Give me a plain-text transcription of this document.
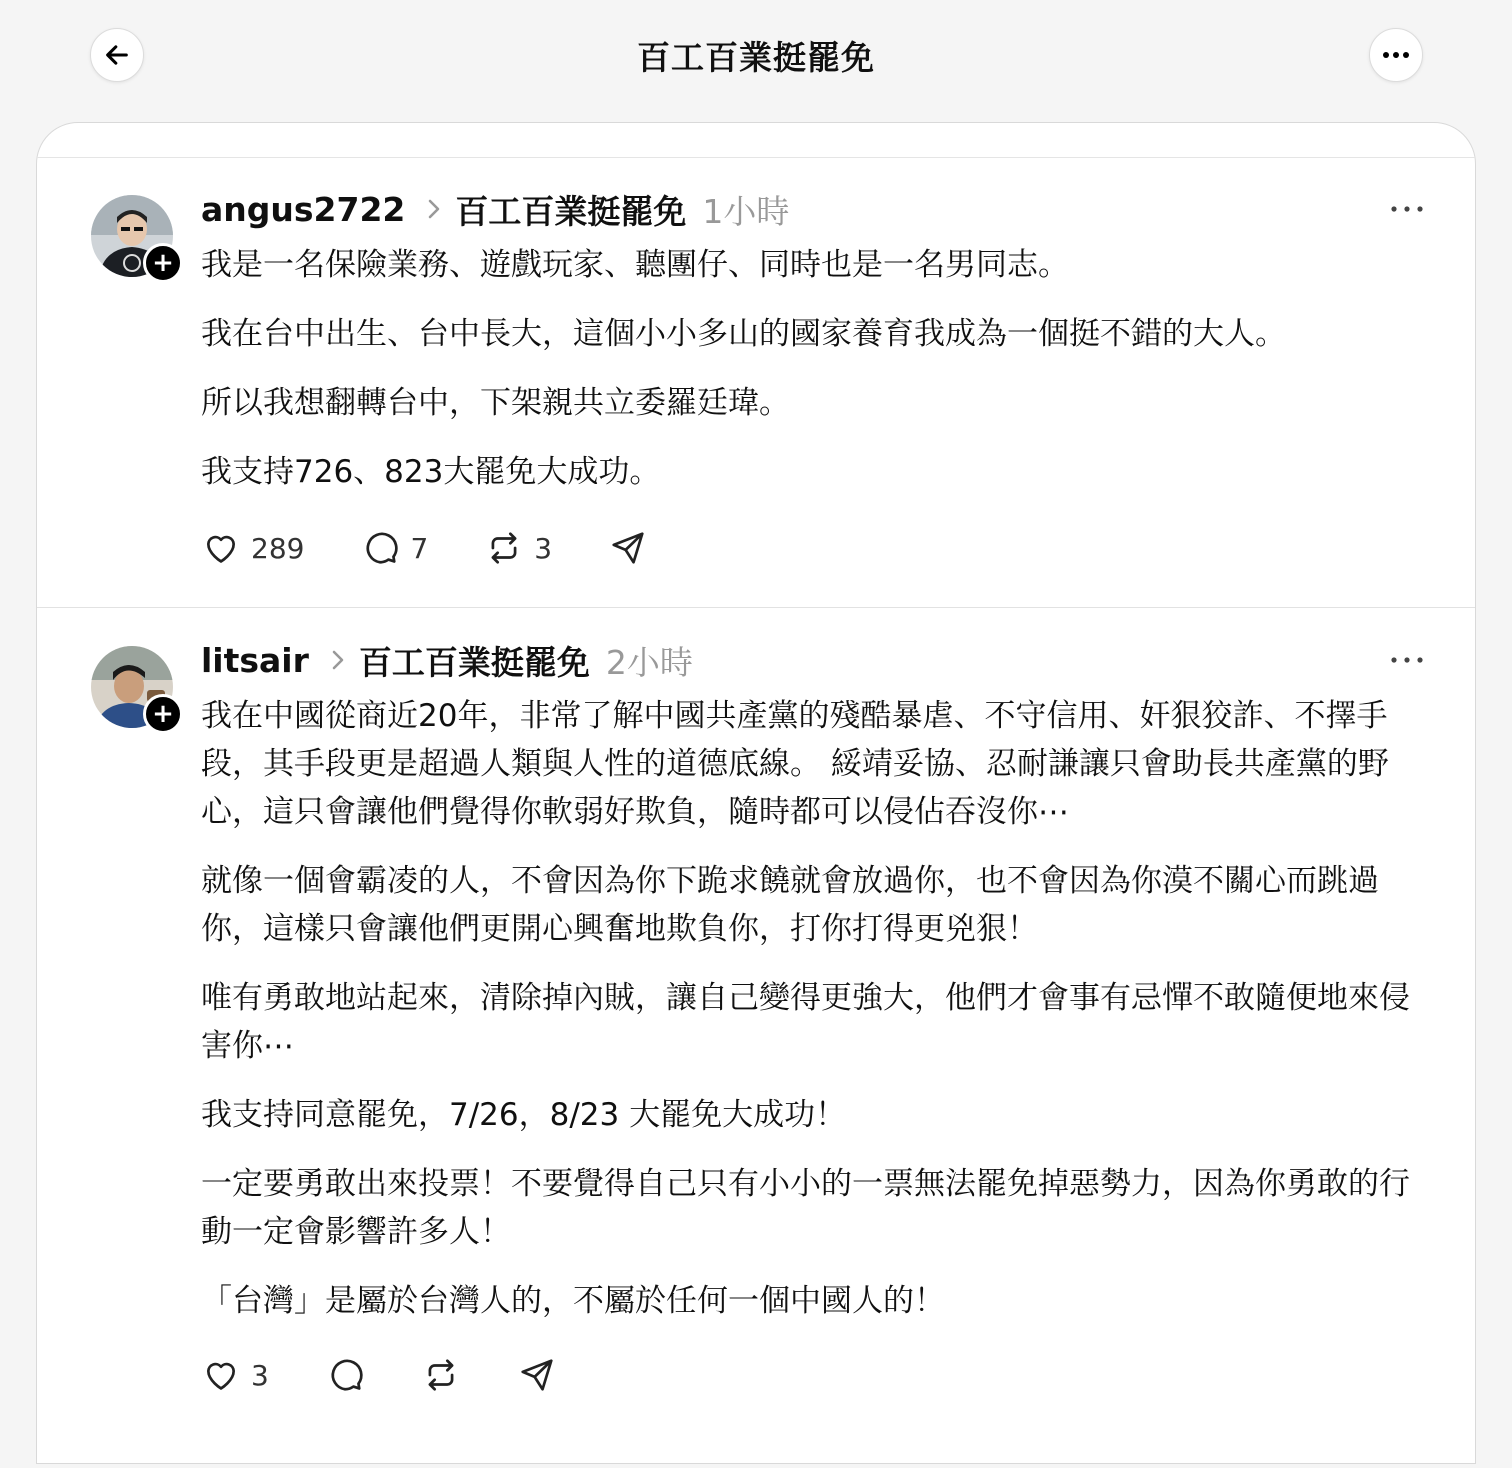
百工百業挺罷免
+
angus2722 百工百業挺罷免 1小時

我是一名保險業務、遊戲玩家、聽團仔、同時也是一名男同志。

我在台中出生、台中長大，這個小小多山的國家養育我成為一個挺不錯的大人。

所以我想翻轉台中，下架親共立委羅廷瑋。

我支持726、823大罷免大成功。

289	7	3
+
litsair 百工百業挺罷免 2小時

我在中國從商近20年，非常了解中國共產黨的殘酷暴虐、不守信用、奸狠狡詐、不擇手段，其手段更是超過人類與人性的道德底線。 綏靖妥協、忍耐謙讓只會助長共產黨的野心，這只會讓他們覺得你軟弱好欺負，隨時都可以侵佔吞沒你⋯

就像一個會霸凌的人，不會因為你下跪求饒就會放過你，也不會因為你漠不關心而跳過你，這樣只會讓他們更開心興奮地欺負你，打你打得更兇狠！

唯有勇敢地站起來，清除掉內賊，讓自己變得更強大，他們才會事有忌憚不敢隨便地來侵害你⋯

我支持同意罷免，7/26，8/23 大罷免大成功！

一定要勇敢出來投票！不要覺得自己只有小小的一票無法罷免掉惡勢力，因為你勇敢的行動一定會影響許多人！

「台灣」是屬於台灣人的，不屬於任何一個中國人的！

3
